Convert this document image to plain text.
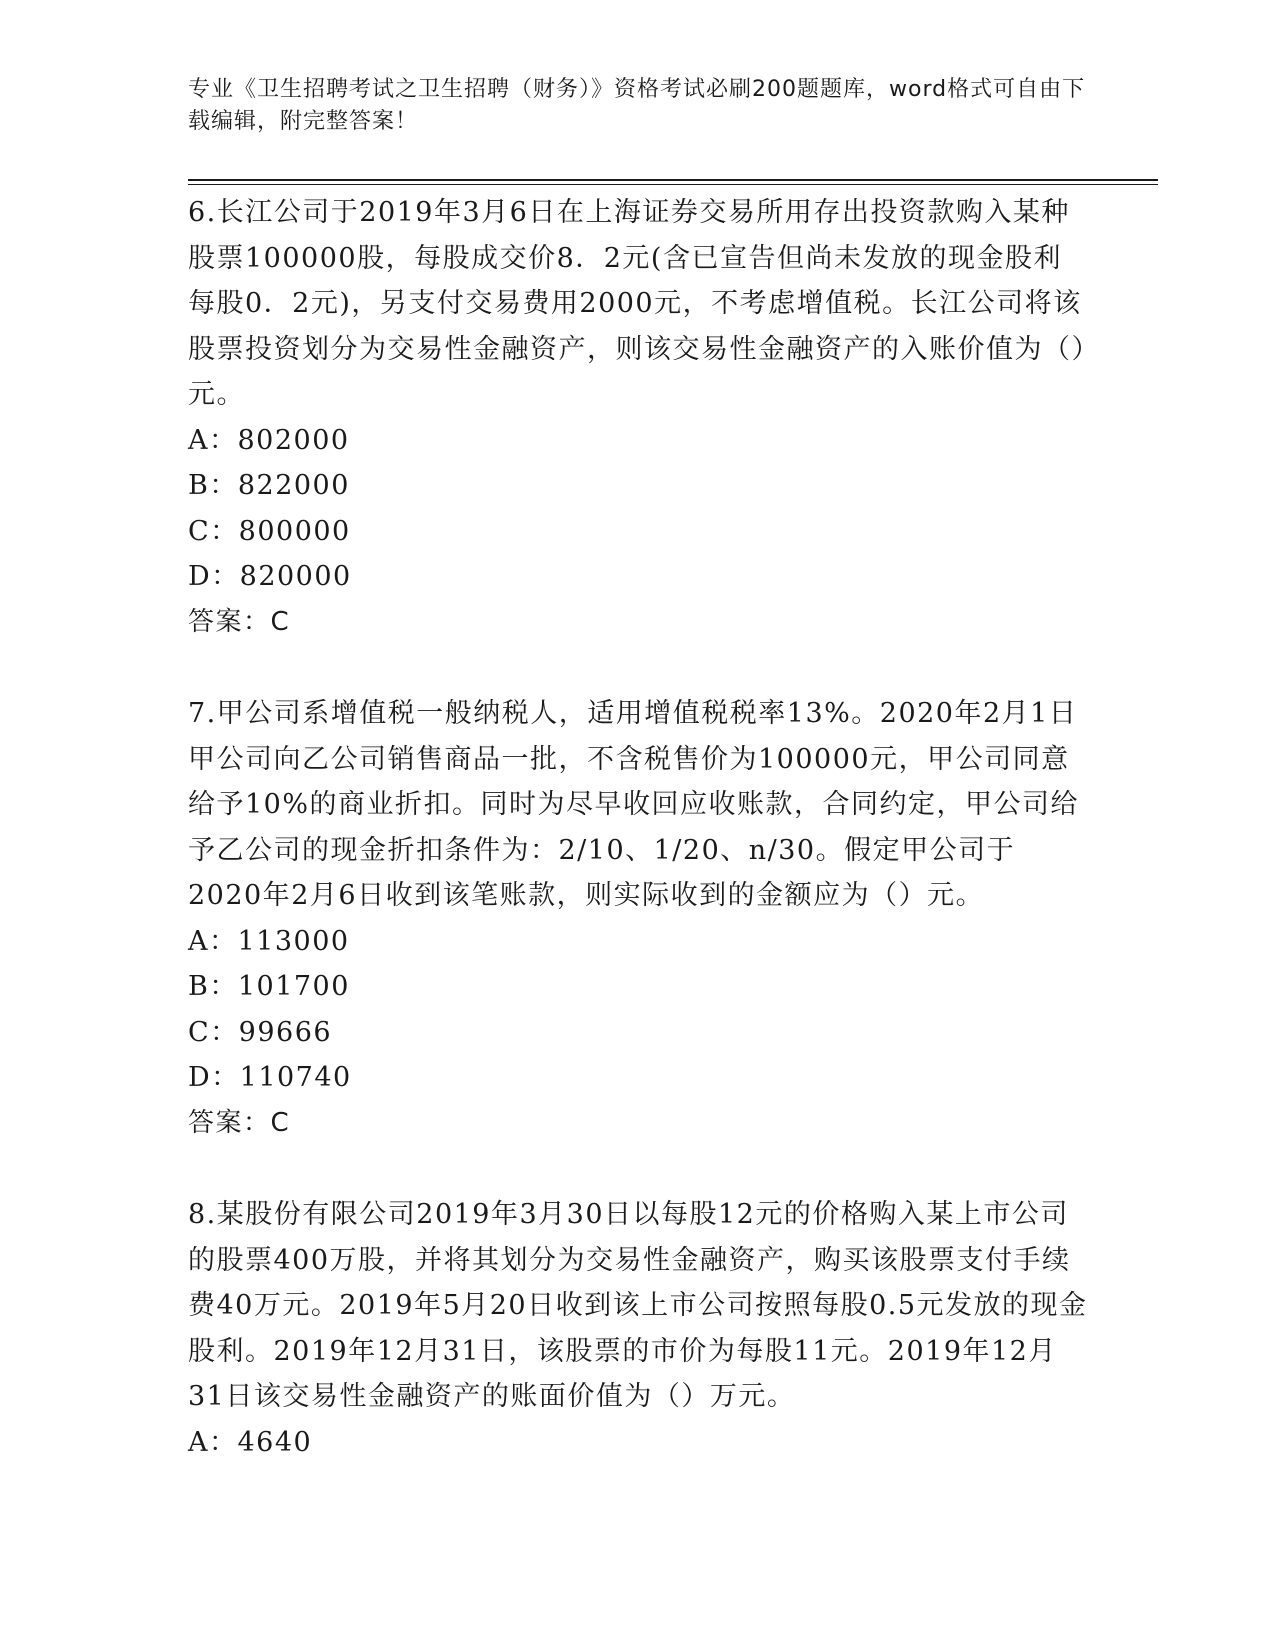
专业《卫生招聘考试之卫生招聘（财务）》资格考试必刷200题题库，word格式可自由下载编辑，附完整答案！
6.长江公司于2019年3月6日在上海证券交易所用存出投资款购入某种股票100000股，每股成交价8．2元(含已宣告但尚未发放的现金股利每股0．2元)，另支付交易费用2000元，不考虑增值税。长江公司将该股票投资划分为交易性金融资产，则该交易性金融资产的入账价值为（）元。
A：802000
B：822000
C：800000
D：820000
答案：C
7.甲公司系增值税一般纳税人，适用增值税税率13%。2020年2月1日甲公司向乙公司销售商品一批，不含税售价为100000元，甲公司同意给予10%的商业折扣。同时为尽早收回应收账款，合同约定，甲公司给予乙公司的现金折扣条件为：2/10、1/20、n/30。假定甲公司于2020年2月6日收到该笔账款，则实际收到的金额应为（）元。
A：113000
B：101700
C：99666
D：110740
答案：C
8.某股份有限公司2019年3月30日以每股12元的价格购入某上市公司的股票400万股，并将其划分为交易性金融资产，购买该股票支付手续费40万元。2019年5月20日收到该上市公司按照每股0.5元发放的现金股利。2019年12月31日，该股票的市价为每股11元。2019年12月31日该交易性金融资产的账面价值为（）万元。
A：4640
